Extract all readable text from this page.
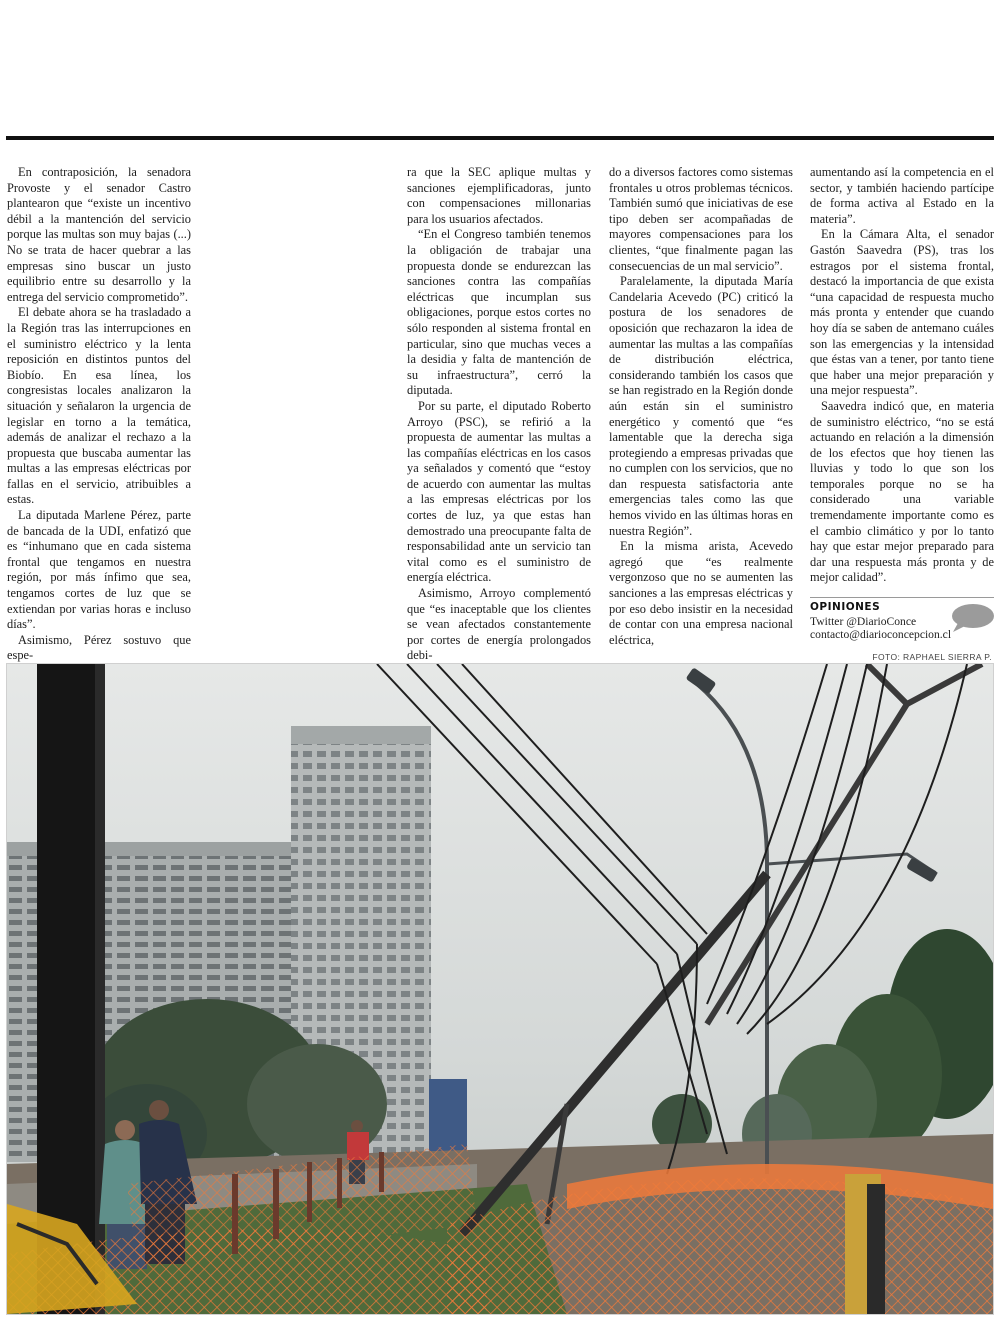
En contraposición, la senadora Provoste y el senador Castro plantearon que “existe un incentivo débil a la mantención del servicio porque las multas son muy bajas (...) No se trata de hacer quebrar a las empresas sino buscar un justo equilibrio entre su desarrollo y la entrega del servicio comprometido”.

El debate ahora se ha trasladado a la Región tras las interrupciones en el suministro eléctrico y la lenta reposición en distintos puntos del Biobío. En esa línea, los congresistas locales analizaron la situación y señalaron la urgencia de legislar en torno a la temática, además de analizar el rechazo a la propuesta que buscaba aumentar las multas a las empresas eléctricas por fallas en el servicio, atribuibles a estas.

La diputada Marlene Pérez, parte de bancada de la UDI, enfatizó que es “inhumano que en cada sistema frontal que tengamos en nuestra región, por más ínfimo que sea, tengamos cortes de luz que se extiendan por varias horas e incluso días”.

Asimismo, Pérez sostuvo que espe-

ra que la SEC aplique multas y sanciones ejemplificadoras, junto con compensaciones millonarias para los usuarios afectados.

“En el Congreso también tenemos la obligación de trabajar una propuesta donde se endurezcan las sanciones contra las compañías eléctricas que incumplan sus obligaciones, porque estos cortes no sólo responden al sistema frontal en particular, sino que muchas veces a la desidia y falta de mantención de su infraestructura”, cerró la diputada.

Por su parte, el diputado Roberto Arroyo (PSC), se refirió a la propuesta de aumentar las multas a las compañías eléctricas en los casos ya señalados y comentó que “estoy de acuerdo con aumentar las multas a las empresas eléctricas por los cortes de luz, ya que estas han demostrado una preocupante falta de responsabilidad ante un servicio tan vital como es el suministro de energía eléctrica.

Asimismo, Arroyo complementó que “es inaceptable que los clientes se vean afectados constantemente por cortes de energía prolongados debi-

do a diversos factores como sistemas frontales u otros problemas técnicos. También sumó que iniciativas de ese tipo deben ser acompañadas de mayores compensaciones para los clientes, “que finalmente pagan las consecuencias de un mal servicio”.

Paralelamente, la diputada María Candelaria Acevedo (PC) criticó la postura de los senadores de oposición que rechazaron la idea de aumentar las multas a las compañías de distribución eléctrica, considerando también los casos que se han registrado en la Región donde aún están sin el suministro energético y comentó que “es lamentable que la derecha siga protegiendo a empresas privadas que no cumplen con los servicios, que no dan respuesta satisfactoria ante emergencias tales como las que hemos vivido en las últimas horas en nuestra Región”.

En la misma arista, Acevedo agregó que “es realmente vergonzoso que no se aumenten las sanciones a las empresas eléctricas y por eso debo insistir en la necesidad de contar con una empresa nacional eléctrica,

aumentando así la competencia en el sector, y también haciendo partícipe de forma activa al Estado en la materia”.

En la Cámara Alta, el senador Gastón Saavedra (PS), tras los estragos por el sistema frontal, destacó la importancia de que exista “una capacidad de respuesta mucho más pronta y entender que cuando hoy día se saben de antemano cuáles son las emergencias y la intensidad que éstas van a tener, por tanto tiene que haber una mejor preparación y una mejor respuesta”.

Saavedra indicó que, en materia de suministro eléctrico, “no se está actuando en relación a la dimensión de los efectos que hoy tienen las lluvias y todo lo que son los temporales porque no se ha considerado una variable tremendamente importante como es el cambio climático y por lo tanto hay que estar mejor preparado para dar una respuesta más pronta y de mejor calidad”.

OPINIONES
Twitter @DiarioConce
contacto@diarioconcepcion.cl
FOTO: RAPHAEL SIERRA P.
